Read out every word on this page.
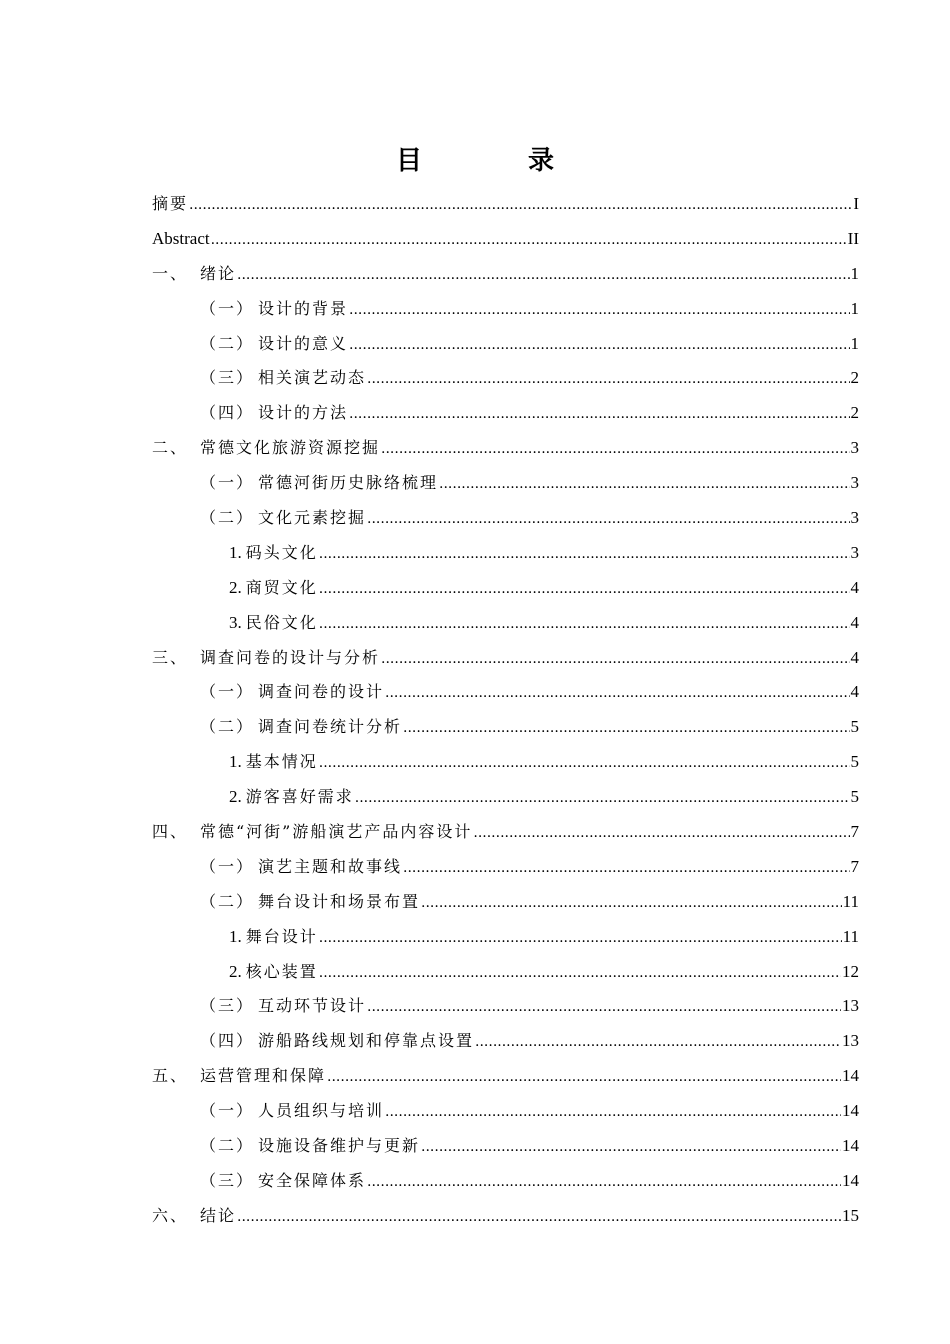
目　录
摘要 .....	I
Abstract .....	II
一、 绪论 .....	1
（一） 设计的背景 .....	1
（二） 设计的意义 .....	1
（三） 相关演艺动态 .....	2
（四） 设计的方法 .....	2
二、 常德文化旅游资源挖掘 .....	3
（一） 常德河街历史脉络梳理 .....	3
（二） 文化元素挖掘 .....	3
1. 码头文化 .....	3
2. 商贸文化 .....	4
3. 民俗文化 .....	4
三、 调查问卷的设计与分析 .....	4
（一） 调查问卷的设计 .....	4
（二） 调查问卷统计分析 .....	5
1. 基本情况 .....	5
2. 游客喜好需求 .....	5
四、 常德“河街”游船演艺产品内容设计 .....	7
（一） 演艺主题和故事线 .....	7
（二） 舞台设计和场景布置 .....	11
1. 舞台设计 .....	11
2. 核心装置 .....	12
（三） 互动环节设计 .....	13
（四） 游船路线规划和停靠点设置 .....	13
五、 运营管理和保障 .....	14
（一） 人员组织与培训 .....	14
（二） 设施设备维护与更新 .....	14
（三） 安全保障体系 .....	14
六、 结论 .....	15
